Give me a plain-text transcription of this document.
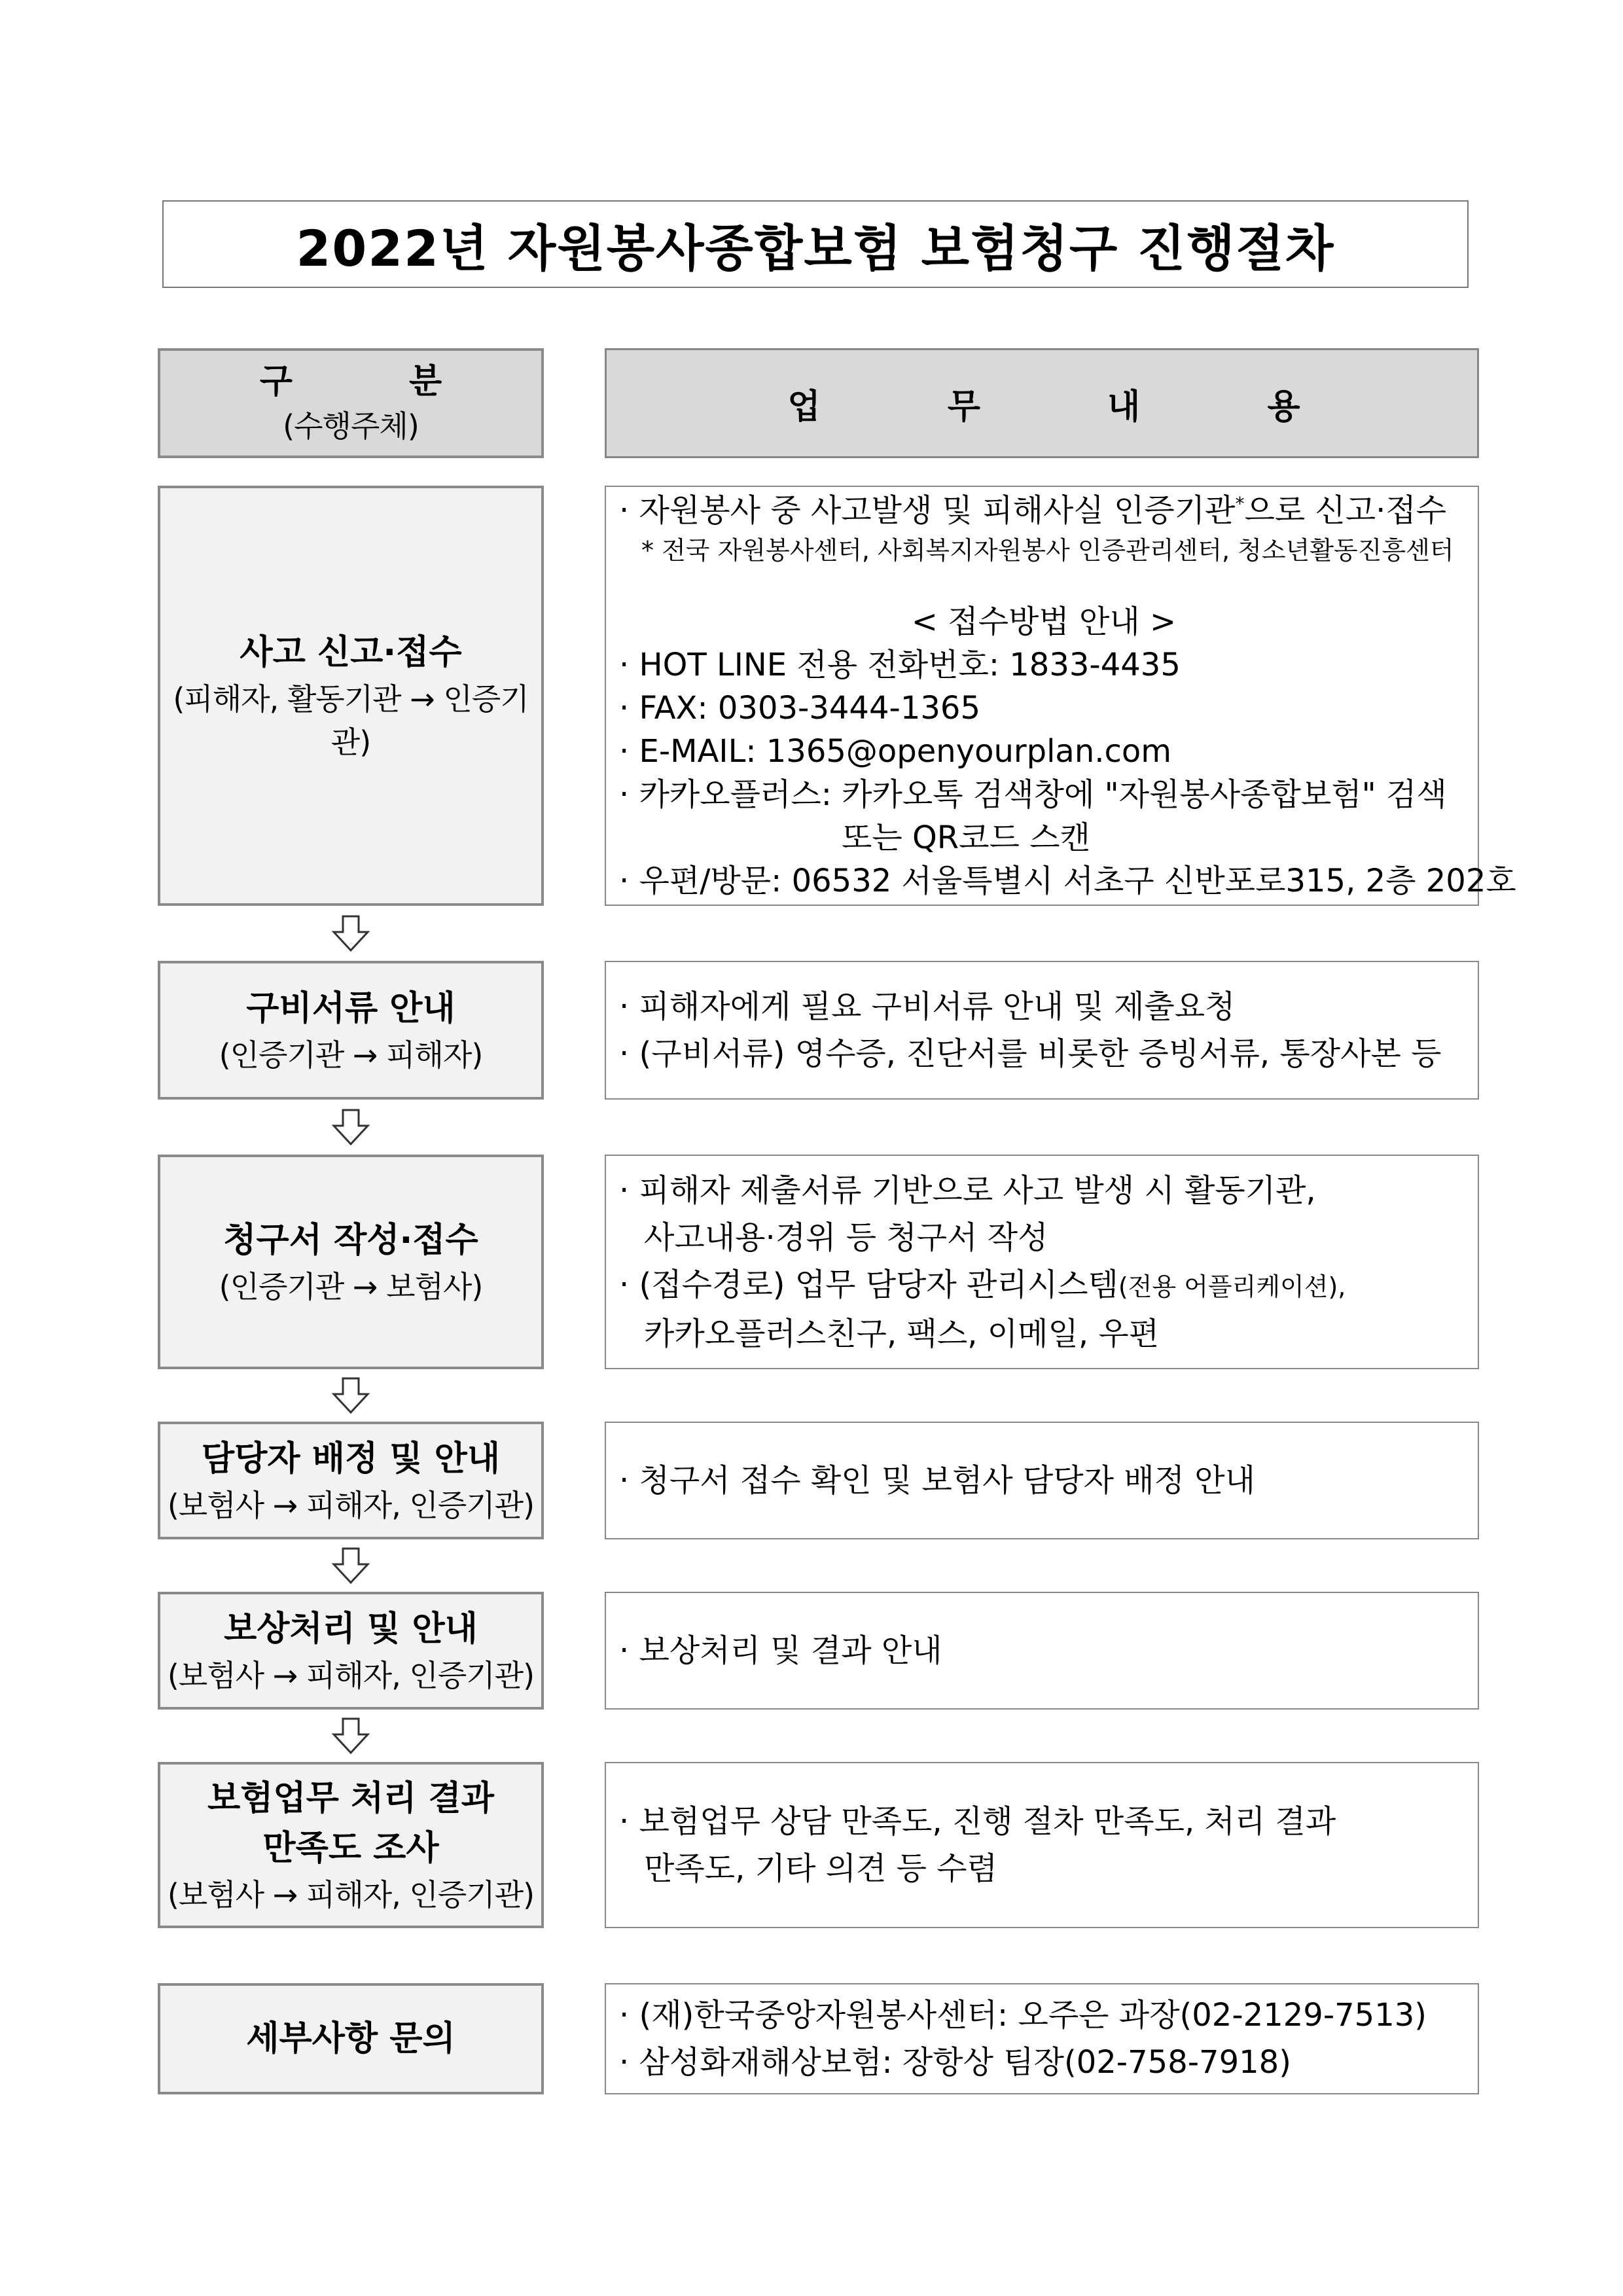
2022년 자원봉사종합보험 보험청구 진행절차
구 분
(수행주체)	업 무 내 용
사고 신고·접수
(피해자, 활동기관 → 인증기관)
· 자원봉사 중 사고발생 및 피해사실 인증기관*으로 신고·접수
* 전국 자원봉사센터, 사회복지자원봉사 인증관리센터, 청소년활동진흥센터
< 접수방법 안내 >
· HOT LINE 전용 전화번호: 1833-4435
· FAX: 0303-3444-1365
· E-MAIL: 1365@openyourplan.com
· 카카오플러스: 카카오톡 검색창에 "자원봉사종합보험" 검색
또는 QR코드 스캔
· 우편/방문: 06532 서울특별시 서초구 신반포로315, 2층 202호
구비서류 안내
(인증기관 → 피해자)
· 피해자에게 필요 구비서류 안내 및 제출요청
· (구비서류) 영수증, 진단서를 비롯한 증빙서류, 통장사본 등
청구서 작성·접수
(인증기관 → 보험사)
· 피해자 제출서류 기반으로 사고 발생 시 활동기관,
사고내용·경위 등 청구서 작성
· (접수경로) 업무 담당자 관리시스템(전용 어플리케이션),
카카오플러스친구, 팩스, 이메일, 우편
담당자 배정 및 안내
(보험사 → 피해자, 인증기관)
· 청구서 접수 확인 및 보험사 담당자 배정 안내
보상처리 및 안내
(보험사 → 피해자, 인증기관)
· 보상처리 및 결과 안내
보험업무 처리 결과
만족도 조사
(보험사 → 피해자, 인증기관)
· 보험업무 상담 만족도, 진행 절차 만족도, 처리 결과
만족도, 기타 의견 등 수렴
세부사항 문의
· (재)한국중앙자원봉사센터: 오주은 과장(02-2129-7513)
· 삼성화재해상보험: 장항상 팀장(02-758-7918)
